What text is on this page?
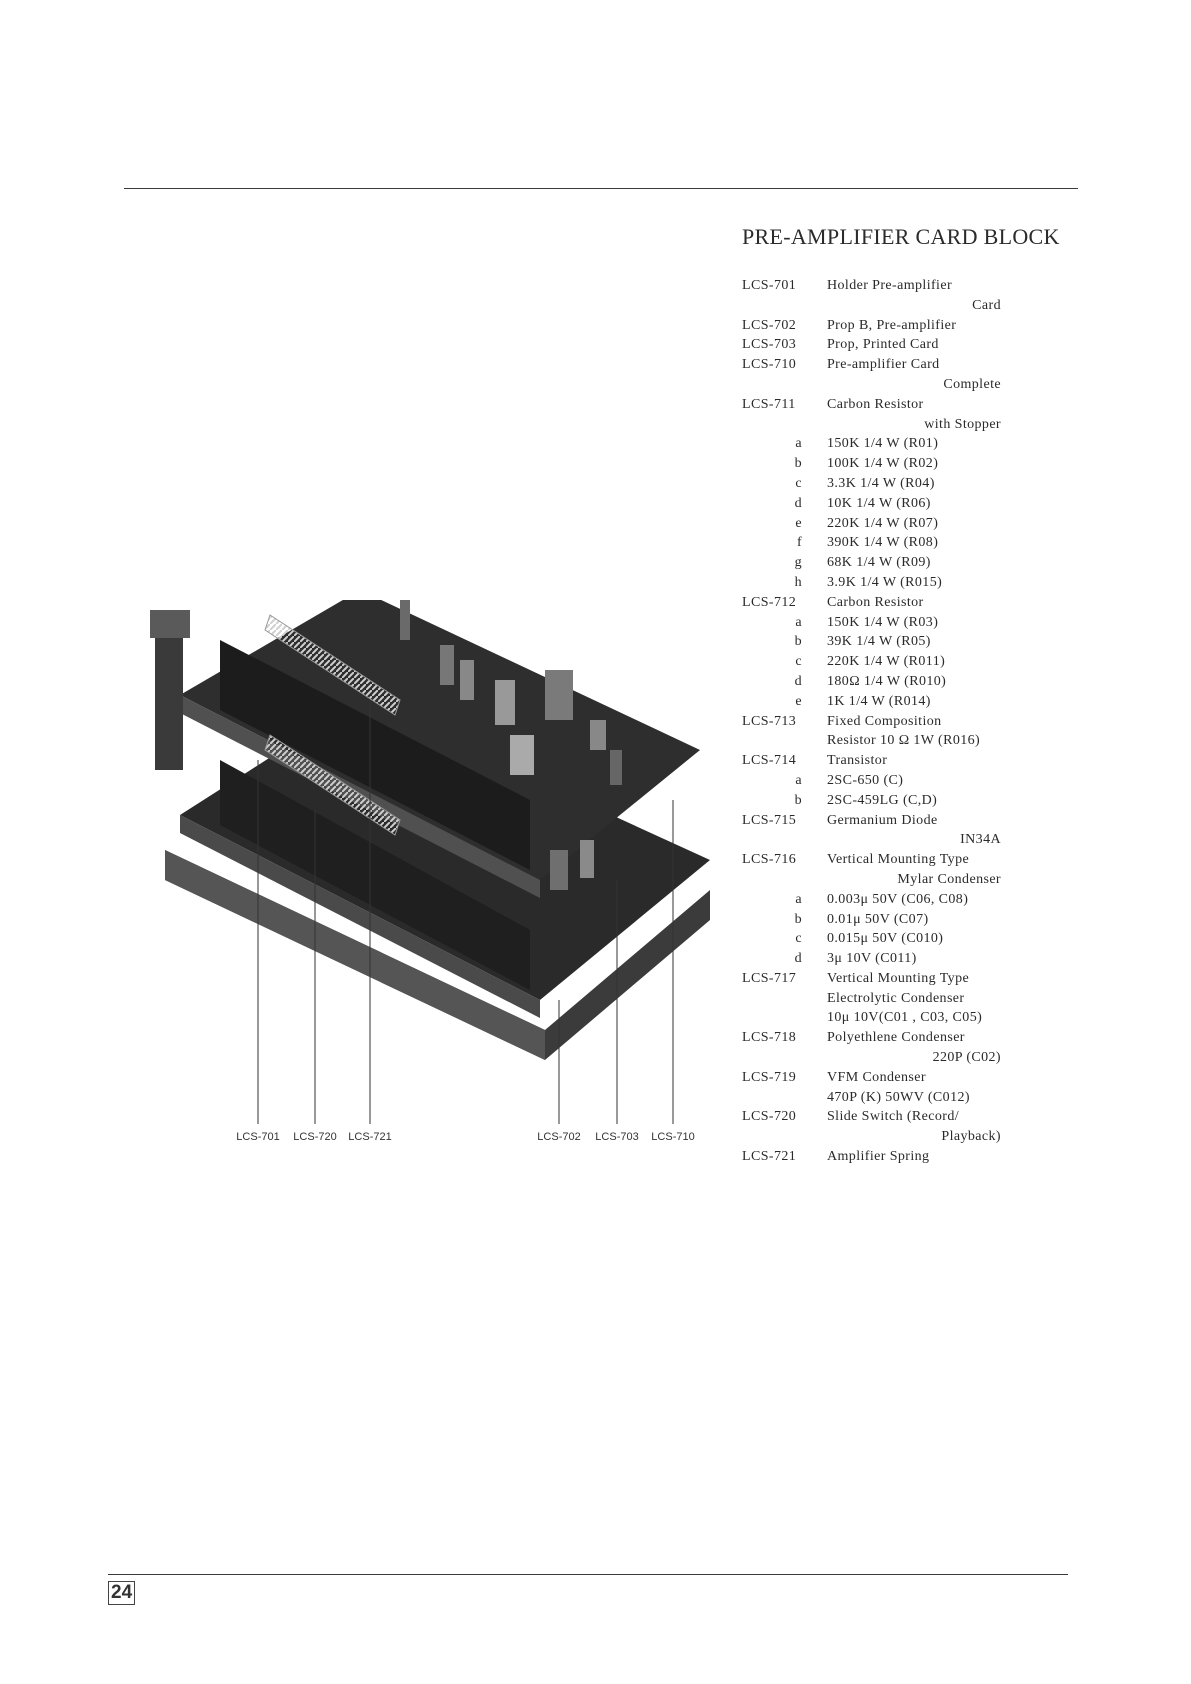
PRE-AMPLIFIER CARD BLOCK
LCS-701	Holder Pre-amplifier
Card
LCS-702	Prop B, Pre-amplifier
LCS-703	Prop, Printed Card
LCS-710	Pre-amplifier Card
Complete
LCS-711	Carbon Resistor
with Stopper
a 150K 1/4 W (R01)
b 100K 1/4 W (R02)
c 3.3K 1/4 W (R04)
d 10K 1/4 W (R06)
e 220K 1/4 W (R07)
f 390K 1/4 W (R08)
g 68K 1/4 W (R09)
h 3.9K 1/4 W (R015)
LCS-712	Carbon Resistor
a 150K 1/4 W (R03)
b 39K 1/4 W (R05)
c 220K 1/4 W (R011)
d 180Ω 1/4 W (R010)
e 1K 1/4 W (R014)
LCS-713	Fixed Composition
Resistor 10 Ω 1W (R016)
LCS-714	Transistor
a 2SC-650 (C)
b 2SC-459LG (C,D)
LCS-715	Germanium Diode
IN34A
LCS-716	Vertical Mounting Type
Mylar Condenser
a 0.003μ 50V (C06, C08)
b 0.01μ 50V (C07)
c 0.015μ 50V (C010)
d 3μ 10V (C011)
LCS-717	Vertical Mounting Type
Electrolytic Condenser
10μ 10V(C01 , C03, C05)
LCS-718	Polyethlene Condenser
220P (C02)
LCS-719	VFM Condenser
470P (K) 50WV (C012)
LCS-720	Slide Switch (Record/
Playback)
LCS-721	Amplifier Spring
LCS-701 LCS-720 LCS-721	LCS-702 LCS-703 LCS-710
24
